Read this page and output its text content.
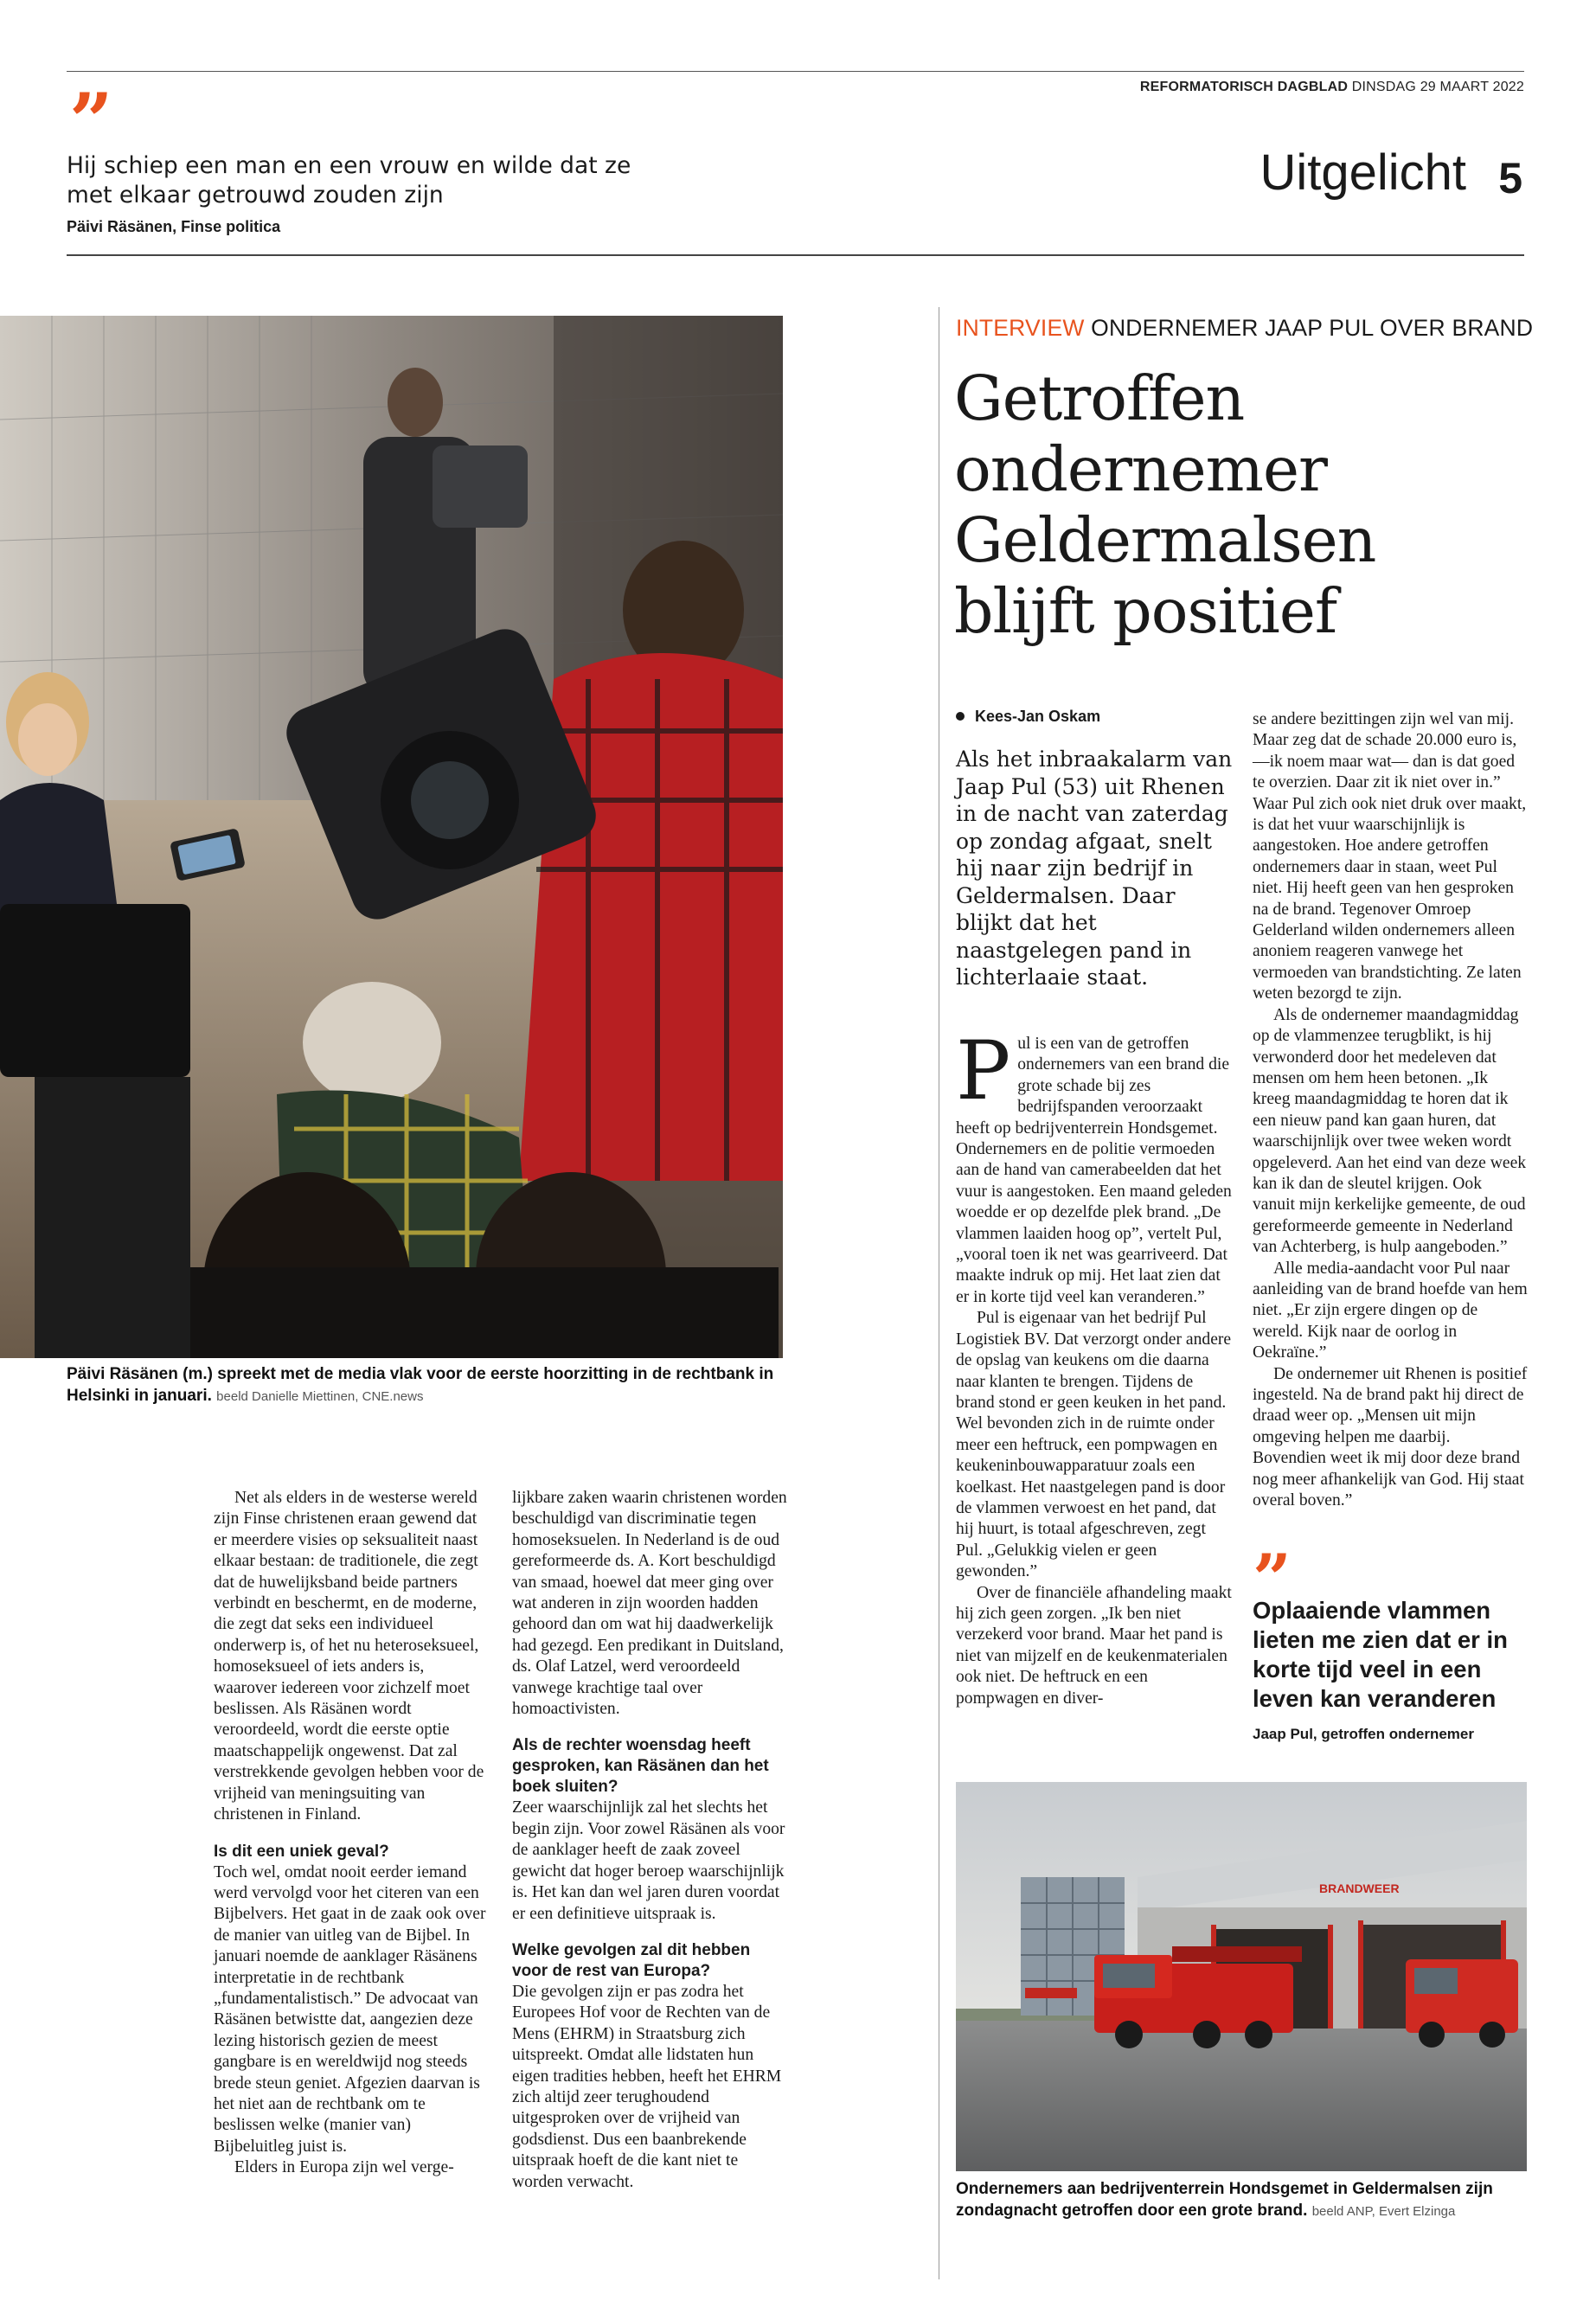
REFORMATORISCH DAGBLAD DINSDAG 29 MAART 2022
”
Hij schiep een man en een vrouw en wilde dat ze
met elkaar getrouwd zouden zijn
Päivi Räsänen, Finse politica
Uitgelicht 5
Päivi Räsänen (m.) spreekt met de media vlak voor de eerste hoorzitting in de rechtbank in Helsinki in januari. beeld Danielle Miettinen, CNE.news

Net als elders in de westerse wereld zijn Finse christenen eraan gewend dat er meerdere visies op seksualiteit naast elkaar bestaan: de traditionele, die zegt dat de huwelijksband beide partners verbindt en beschermt, en de moderne, die zegt dat seks een individueel onderwerp is, of het nu heteroseksueel, homoseksueel of iets anders is, waarover iedereen voor zichzelf moet beslissen. Als Räsänen wordt veroordeeld, wordt die eerste optie maatschappelijk ongewenst. Dat zal verstrekkende gevolgen hebben voor de vrijheid van meningsuiting van christenen in Finland.

Is dit een uniek geval?

Toch wel, omdat nooit eerder iemand werd vervolgd voor het citeren van een Bijbelvers. Het gaat in de zaak ook over de manier van uitleg van de Bijbel. In januari noemde de aanklager Räsänens interpretatie in de rechtbank „fundamentalistisch.” De advocaat van Räsänen betwistte dat, aangezien deze lezing historisch gezien de meest gangbare is en wereldwijd nog steeds brede steun geniet. Afgezien daarvan is het niet aan de rechtbank om te beslissen welke (manier van) Bijbeluitleg juist is.

Elders in Europa zijn wel verge-

lijkbare zaken waarin christenen worden beschuldigd van discriminatie tegen homoseksuelen. In Nederland is de oud gereformeerde ds. A. Kort beschuldigd van smaad, hoewel dat meer ging over wat anderen in zijn woorden hadden gehoord dan om wat hij daadwerkelijk had gezegd. Een predikant in Duitsland, ds. Olaf Latzel, werd veroordeeld vanwege krachtige taal over homoactivisten.

Als de rechter woensdag heeft gesproken, kan Räsänen dan het boek sluiten?

Zeer waarschijnlijk zal het slechts het begin zijn. Voor zowel Räsänen als voor de aanklager heeft de zaak zoveel gewicht dat hoger beroep waarschijnlijk is. Het kan dan wel jaren duren voordat er een definitieve uitspraak is.

Welke gevolgen zal dit hebben voor de rest van Europa?

Die gevolgen zijn er pas zodra het Europees Hof voor de Rechten van de Mens (EHRM) in Straatsburg zich uitspreekt. Omdat alle lidstaten hun eigen tradities hebben, heeft het EHRM zich altijd zeer terughoudend uitgesproken over de vrijheid van godsdienst. Dus een baanbrekende uitspraak hoeft de die kant niet te worden verwacht.

INTERVIEW ONDERNEMER JAAP PUL OVER BRAND
Getroffen
ondernemer
Geldermalsen
blijft positief
Kees-Jan Oskam
Als het inbraakalarm van Jaap Pul (53) uit Rhenen in de nacht van zaterdag op zondag afgaat, snelt hij naar zijn bedrijf in Geldermalsen. Daar blijkt dat het naastgelegen pand in lichterlaaie staat.

Pul is een van de getroffen ondernemers van een brand die grote schade bij zes bedrijfspanden veroorzaakt heeft op bedrijventerrein Hondsgemet. Ondernemers en de politie vermoeden aan de hand van camerabeelden dat het vuur is aangestoken. Een maand geleden woedde er op dezelfde plek brand. „De vlammen laaiden hoog op”, vertelt Pul, „vooral toen ik net was gearriveerd. Dat maakte indruk op mij. Het laat zien dat er in korte tijd veel kan veranderen.”

Pul is eigenaar van het bedrijf Pul Logistiek BV. Dat verzorgt onder andere de opslag van keukens om die daarna naar klanten te brengen. Tijdens de brand stond er geen keuken in het pand. Wel bevonden zich in de ruimte onder meer een heftruck, een pompwagen en keukeninbouwapparatuur zoals een koelkast. Het naastgelegen pand is door de vlammen verwoest en het pand, dat hij huurt, is totaal afgeschreven, zegt Pul. „Gelukkig vielen er geen gewonden.”

Over de financiële afhandeling maakt hij zich geen zorgen. „Ik ben niet verzekerd voor brand. Maar het pand is niet van mijzelf en de keukenmaterialen ook niet. De heftruck en een pompwagen en diver-

se andere bezittingen zijn wel van mij. Maar zeg dat de schade 20.000 euro is, —ik noem maar wat— dan is dat goed te overzien. Daar zit ik niet over in.” Waar Pul zich ook niet druk over maakt, is dat het vuur waarschijnlijk is aangestoken. Hoe andere getroffen ondernemers daar in staan, weet Pul niet. Hij heeft geen van hen gesproken na de brand. Tegenover Omroep Gelderland wilden ondernemers alleen anoniem reageren vanwege het vermoeden van brandstichting. Ze laten weten bezorgd te zijn.

Als de ondernemer maandagmiddag op de vlammenzee terugblikt, is hij verwonderd door het medeleven dat mensen om hem heen betonen. „Ik kreeg maandagmiddag te horen dat ik een nieuw pand kan gaan huren, dat waarschijnlijk over twee weken wordt opgeleverd. Aan het eind van deze week kan ik dan de sleutel krijgen. Ook vanuit mijn kerkelijke gemeente, de oud gereformeerde gemeente in Nederland van Achterberg, is hulp aangeboden.”

Alle media-aandacht voor Pul naar aanleiding van de brand hoefde van hem niet. „Er zijn ergere dingen op de wereld. Kijk naar de oorlog in Oekraïne.”

De ondernemer uit Rhenen is positief ingesteld. Na de brand pakt hij direct de draad weer op. „Mensen uit mijn omgeving helpen me daarbij. Bovendien weet ik mij door deze brand nog meer afhankelijk van God. Hij staat overal boven.”

”
Oplaaiende vlammen lieten me zien dat er in korte tijd veel in een leven kan veranderen
Jaap Pul, getroffen ondernemer
BRANDWEER
Ondernemers aan bedrijventerrein Hondsgemet in Geldermalsen zijn zondagnacht getroffen door een grote brand. beeld ANP, Evert Elzinga
